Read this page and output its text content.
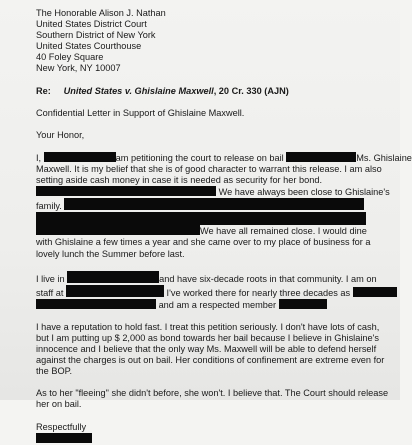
The Honorable Alison J. Nathan
United States District Court
Southern District of New York
United States Courthouse
40 Foley Square
New York, NY 10007
Re: United States v. Ghislaine Maxwell, 20 Cr. 330 (AJN)
Confidential Letter in Support of Ghislaine Maxwell.
Your Honor,
I,	am petitioning the court to release on bail	Ms. Ghislaine
Maxwell. It is my belief that she is of good character to warrant this release. I am also
setting aside cash money in case it is needed as security for her bond.
We have always been close to Ghislaine's
family.
We have all remained close. I would dine
with Ghislaine a few times a year and she came over to my place of business for a
lovely lunch the Summer before last.
I live in	and have six-decade roots in that community. I am on
staff at	I've worked there for nearly three decades as
and am a respected member
I have a reputation to hold fast. I treat this petition seriously. I don't have lots of cash,
but I am putting up $ 2,000 as bond towards her bail because I believe in Ghislaine's
innocence and I believe that the only way Ms. Maxwell will be able to defend herself
against the charges is out on bail. Her conditions of confinement are extreme even for
the BOP.
As to her "fleeing" she didn't before, she won't. I believe that. The Court should release
her on bail.
Respectfully
